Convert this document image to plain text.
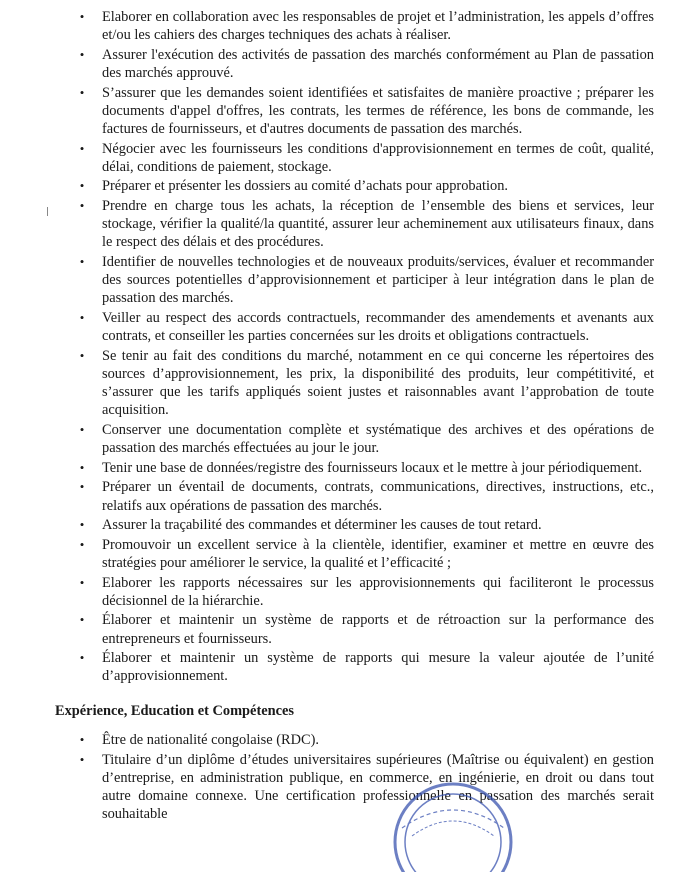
• Elaborer en collaboration avec les responsables de projet et l’administration, les appels d’offres et/ou les cahiers des charges techniques des achats à réaliser.
• Assurer l'exécution des activités de passation des marchés conformément au Plan de passation des marchés approuvé.
• S’assurer que les demandes soient identifiées et satisfaites de manière proactive ; préparer les documents d'appel d'offres, les contrats, les termes de référence, les bons de commande, les factures de fournisseurs, et d'autres documents de passation des marchés.
• Négocier avec les fournisseurs les conditions d'approvisionnement en termes de coût, qualité, délai, conditions de paiement, stockage.
• Préparer et présenter les dossiers au comité d’achats pour approbation.
• Prendre en charge tous les achats, la réception de l’ensemble des biens et services, leur stockage, vérifier la qualité/la quantité, assurer leur acheminement aux utilisateurs finaux, dans le respect des délais et des procédures.
• Identifier de nouvelles technologies et de nouveaux produits/services, évaluer et recommander des sources potentielles d’approvisionnement et participer à leur intégration dans le plan de passation des marchés.
• Veiller au respect des accords contractuels, recommander des amendements et avenants aux contrats, et conseiller les parties concernées sur les droits et obligations contractuels.
• Se tenir au fait des conditions du marché, notamment en ce qui concerne les répertoires des sources d’approvisionnement, les prix, la disponibilité des produits, leur compétitivité, et s’assurer que les tarifs appliqués soient justes et raisonnables avant l’approbation de toute acquisition.
• Conserver une documentation complète et systématique des archives et des opérations de passation des marchés effectuées au jour le jour.
• Tenir une base de données/registre des fournisseurs locaux et le mettre à jour périodiquement.
• Préparer un éventail de documents, contrats, communications, directives, instructions, etc., relatifs aux opérations de passation des marchés.
• Assurer la traçabilité des commandes et déterminer les causes de tout retard.
• Promouvoir un excellent service à la clientèle, identifier, examiner et mettre en œuvre des stratégies pour améliorer le service, la qualité et l’efficacité ;
• Elaborer les rapports nécessaires sur les approvisionnements qui faciliteront le processus décisionnel de la hiérarchie.
• Élaborer et maintenir un système de rapports et de rétroaction sur la performance des entrepreneurs et fournisseurs.
• Élaborer et maintenir un système de rapports qui mesure la valeur ajoutée de l’unité d’approvisionnement.
Expérience, Education et Compétences
• Être de nationalité congolaise (RDC).
• Titulaire d’un diplôme d’études universitaires supérieures (Maîtrise ou équivalent) en gestion d’entreprise, en administration publique, en commerce, en ingénierie, en droit ou dans tout autre domaine connexe. Une certification professionnelle en passation des marchés serait souhaitable
